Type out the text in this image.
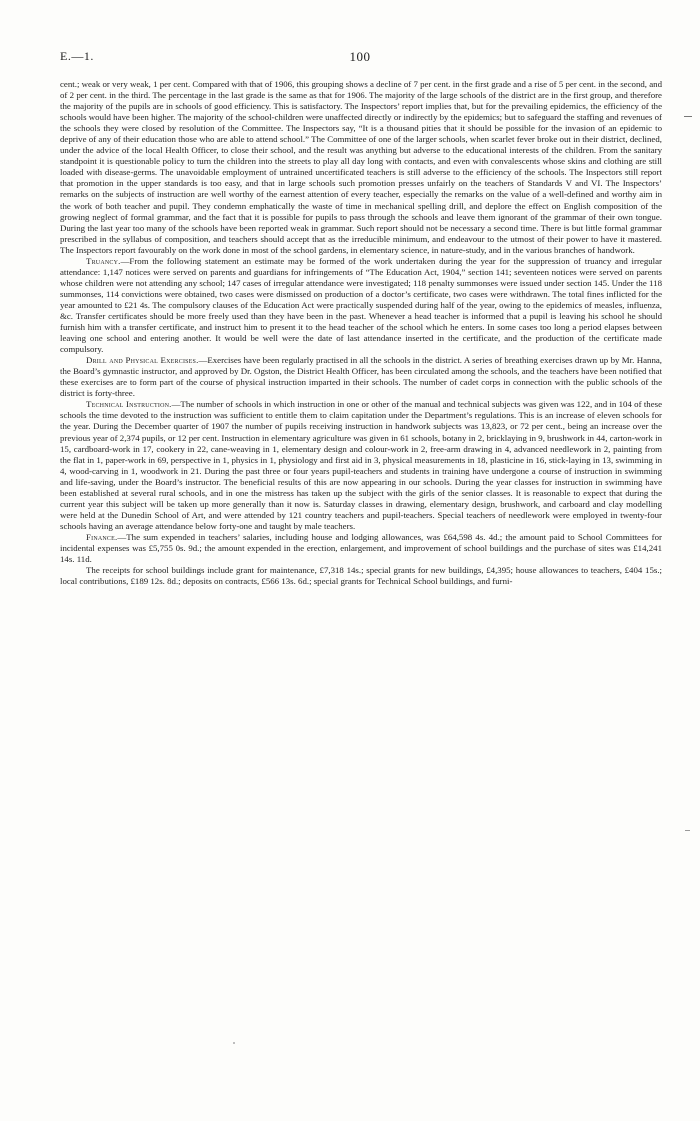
E.—1.	100

cent.; weak or very weak, 1 per cent. Compared with that of 1906, this grouping shows a decline of 7 per cent. in the first grade and a rise of 5 per cent. in the second, and of 2 per cent. in the third. The percentage in the last grade is the same as that for 1906. The majority of the large schools of the district are in the first group, and therefore the majority of the pupils are in schools of good efficiency. This is satisfactory. The Inspectors’ report implies that, but for the prevailing epidemics, the efficiency of the schools would have been higher. The majority of the school-children were unaffected directly or indirectly by the epidemics; but to safeguard the staffing and revenues of the schools they were closed by resolution of the Committee. The Inspectors say, “It is a thousand pities that it should be possible for the invasion of an epidemic to deprive of any of their education those who are able to attend school.” The Committee of one of the larger schools, when scarlet fever broke out in their district, declined, under the advice of the local Health Officer, to close their school, and the result was anything but adverse to the educational interests of the children. From the sanitary standpoint it is questionable policy to turn the children into the streets to play all day long with contacts, and even with convalescents whose skins and clothing are still loaded with disease-germs. The unavoidable employment of untrained uncertificated teachers is still adverse to the efficiency of the schools. The Inspectors still report that promotion in the upper standards is too easy, and that in large schools such promotion presses unfairly on the teachers of Standards V and VI. The Inspectors’ remarks on the subjects of instruction are well worthy of the earnest attention of every teacher, especially the remarks on the value of a well-defined and worthy aim in the work of both teacher and pupil. They condemn emphatically the waste of time in mechanical spelling drill, and deplore the effect on English composition of the growing neglect of formal grammar, and the fact that it is possible for pupils to pass through the schools and leave them ignorant of the grammar of their own tongue. During the last year too many of the schools have been reported weak in grammar. Such report should not be necessary a second time. There is but little formal grammar prescribed in the syllabus of composition, and teachers should accept that as the irreducible minimum, and endeavour to the utmost of their power to have it mastered. The Inspectors report favourably on the work done in most of the school gardens, in elementary science, in nature-study, and in the various branches of handwork.

Truancy.—From the following statement an estimate may be formed of the work undertaken during the year for the suppression of truancy and irregular attendance: 1,147 notices were served on parents and guardians for infringements of “The Education Act, 1904,” section 141; seventeen notices were served on parents whose children were not attending any school; 147 cases of irregular attendance were investigated; 118 penalty summonses were issued under section 145. Under the 118 summonses, 114 convictions were obtained, two cases were dismissed on production of a doctor’s certificate, two cases were withdrawn. The total fines inflicted for the year amounted to £21 4s. The compulsory clauses of the Education Act were practically suspended during half of the year, owing to the epidemics of measles, influenza, &c. Transfer certificates should be more freely used than they have been in the past. Whenever a head teacher is informed that a pupil is leaving his school he should furnish him with a transfer certificate, and instruct him to present it to the head teacher of the school which he enters. In some cases too long a period elapses between leaving one school and entering another. It would be well were the date of last attendance inserted in the certificate, and the production of the certificate made compulsory.

Drill and Physical Exercises.—Exercises have been regularly practised in all the schools in the district. A series of breathing exercises drawn up by Mr. Hanna, the Board’s gymnastic instructor, and approved by Dr. Ogston, the District Health Officer, has been circulated among the schools, and the teachers have been notified that these exercises are to form part of the course of physical instruction imparted in their schools. The number of cadet corps in connection with the public schools of the district is forty-three.

Technical Instruction.—The number of schools in which instruction in one or other of the manual and technical subjects was given was 122, and in 104 of these schools the time devoted to the instruction was sufficient to entitle them to claim capitation under the Department’s regulations. This is an increase of eleven schools for the year. During the December quarter of 1907 the number of pupils receiving instruction in handwork subjects was 13,823, or 72 per cent., being an increase over the previous year of 2,374 pupils, or 12 per cent. Instruction in elementary agriculture was given in 61 schools, botany in 2, bricklaying in 9, brushwork in 44, carton-work in 15, cardboard-work in 17, cookery in 22, cane-weaving in 1, elementary design and colour-work in 2, free-arm drawing in 4, advanced needlework in 2, painting from the flat in 1, paper-work in 69, perspective in 1, physics in 1, physiology and first aid in 3, physical measurements in 18, plasticine in 16, stick-laying in 13, swimming in 4, wood-carving in 1, woodwork in 21. During the past three or four years pupil-teachers and students in training have undergone a course of instruction in swimming and life-saving, under the Board’s instructor. The beneficial results of this are now appearing in our schools. During the year classes for instruction in swimming have been established at several rural schools, and in one the mistress has taken up the subject with the girls of the senior classes. It is reasonable to expect that during the current year this subject will be taken up more generally than it now is. Saturday classes in drawing, elementary design, brushwork, and carboard and clay modelling were held at the Dunedin School of Art, and were attended by 121 country teachers and pupil-teachers. Special teachers of needlework were employed in twenty-four schools having an average attendance below forty-one and taught by male teachers.

Finance.—The sum expended in teachers’ salaries, including house and lodging allowances, was £64,598 4s. 4d.; the amount paid to School Committees for incidental expenses was £5,755 0s. 9d.; the amount expended in the erection, enlargement, and improvement of school buildings and the purchase of sites was £14,241 14s. 11d.

The receipts for school buildings include grant for maintenance, £7,318 14s.; special grants for new buildings, £4,395; house allowances to teachers, £404 15s.; local contributions, £189 12s. 8d.; deposits on contracts, £566 13s. 6d.; special grants for Technical School buildings, and furni-
